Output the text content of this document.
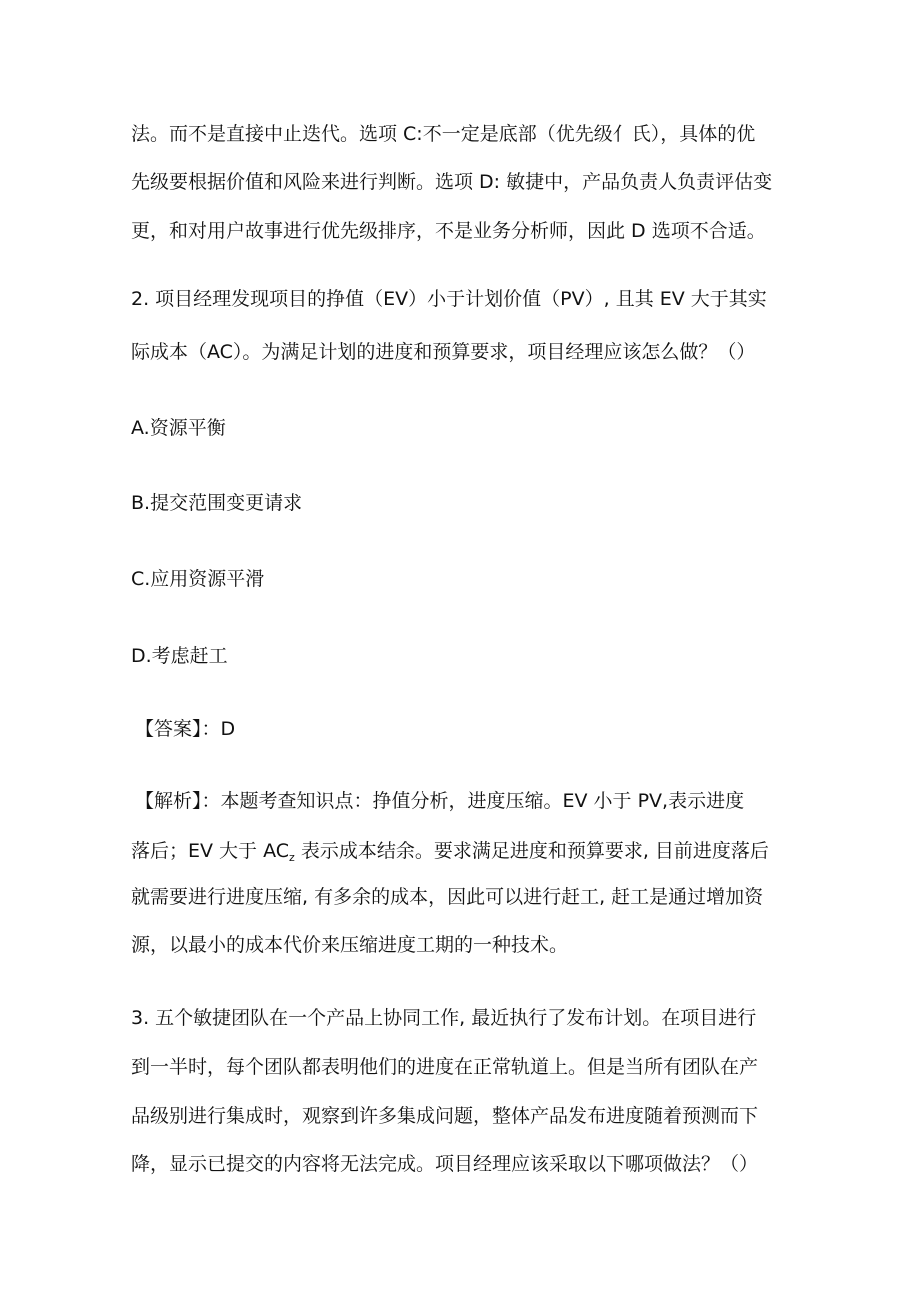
法。而不是直接中止迭代。选项 C:不一定是底部（优先级亻氏），具体的优

先级要根据价值和风险来进行判断。选项 D: 敏捷中，产品负责人负责评估变

更，和对用户故事进行优先级排序，不是业务分析师，因此 D 选项不合适。

2. 项目经理发现项目的挣值（EV）小于计划价值（PV）, 且其 EV 大于其实

际成本（AC）。为满足计划的进度和预算要求，项目经理应该怎么做？（）

A.资源平衡

B.提交范围变更请求

C.应用资源平滑

D.考虑赶工

【答案】：D

【解析】：本题考查知识点：挣值分析，进度压缩。EV 小于 PV,表示进度

落后；EV 大于 $AC_z$ 表示成本结余。要求满足进度和预算要求, 目前进度落后

就需要进行进度压缩, 有多余的成本，因此可以进行赶工, 赶工是通过增加资

源，以最小的成本代价来压缩进度工期的一种技术。

3. 五个敏捷团队在一个产品上协同工作, 最近执行了发布计划。在项目进行

到一半时，每个团队都表明他们的进度在正常轨道上。但是当所有团队在产

品级别进行集成时，观察到许多集成问题，整体产品发布进度随着预测而下

降，显示已提交的内容将无法完成。项目经理应该采取以下哪项做法？（）
